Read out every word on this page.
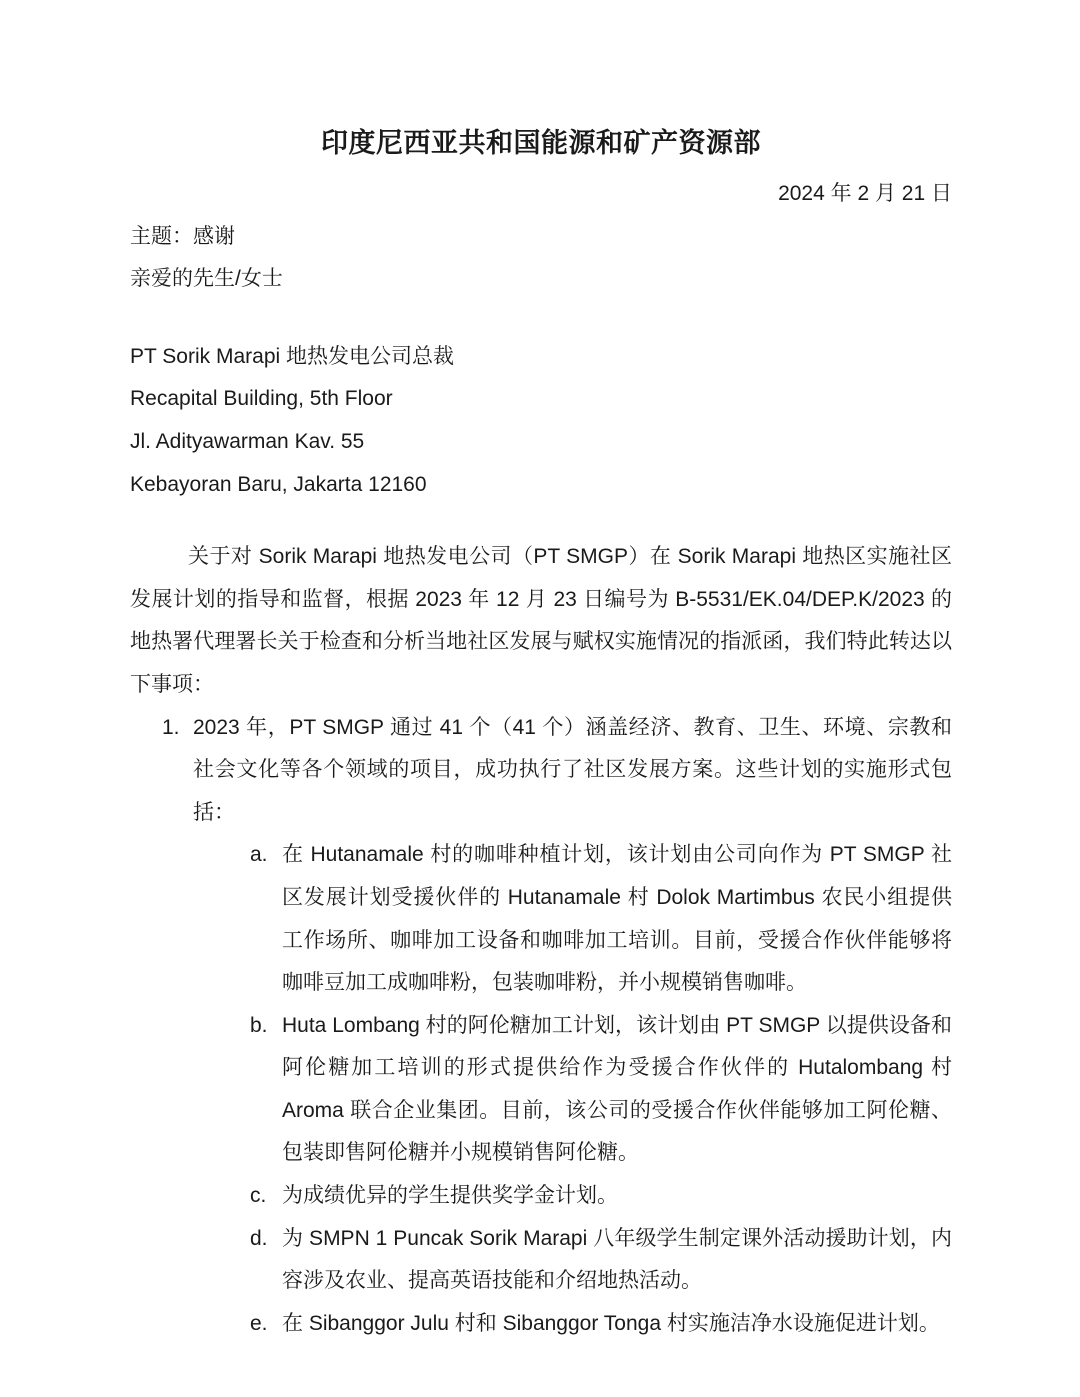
印度尼西亚共和国能源和矿产资源部
2024 年 2 月 21 日
主题：感谢
亲爱的先生/女士
PT Sorik Marapi 地热发电公司总裁
Recapital Building, 5th Floor
Jl. Adityawarman Kav. 55
Kebayoran Baru, Jakarta 12160

关于对 Sorik Marapi 地热发电公司（PT SMGP）在 Sorik Marapi 地热区实施社区发展计划的指导和监督，根据 2023 年 12 月 23 日编号为 B-5531/EK.04/DEP.K/2023 的地热署代理署长关于检查和分析当地社区发展与赋权实施情况的指派函，我们特此转达以下事项：

1. 2023 年，PT SMGP 通过 41 个（41 个）涵盖经济、教育、卫生、环境、宗教和社会文化等各个领域的项目，成功执行了社区发展方案。这些计划的实施形式包括：
a. 在 Hutanamale 村的咖啡种植计划，该计划由公司向作为 PT SMGP 社区发展计划受援伙伴的 Hutanamale 村 Dolok Martimbus 农民小组提供工作场所、咖啡加工设备和咖啡加工培训。目前，受援合作伙伴能够将咖啡豆加工成咖啡粉，包装咖啡粉，并小规模销售咖啡。
b. Huta Lombang 村的阿伦糖加工计划，该计划由 PT SMGP 以提供设备和阿伦糖加工培训的形式提供给作为受援合作伙伴的 Hutalombang 村 Aroma 联合企业集团。目前，该公司的受援合作伙伴能够加工阿伦糖、包装即售阿伦糖并小规模销售阿伦糖。
c. 为成绩优异的学生提供奖学金计划。
d. 为 SMPN 1 Puncak Sorik Marapi 八年级学生制定课外活动援助计划，内容涉及农业、提高英语技能和介绍地热活动。
e. 在 Sibanggor Julu 村和 Sibanggor Tonga 村实施洁净水设施促进计划。
